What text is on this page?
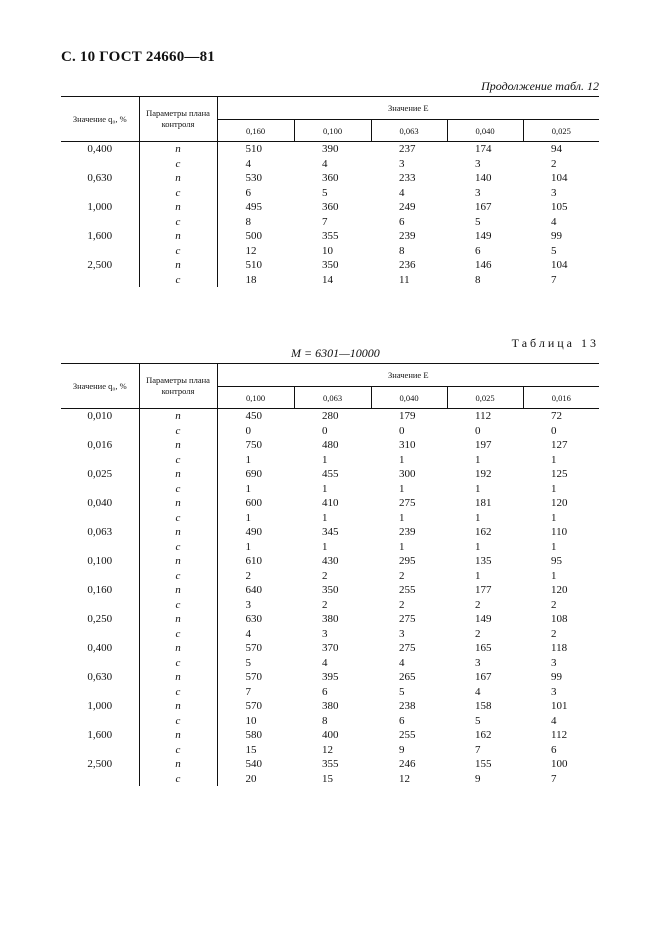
С. 10 ГОСТ 24660—81
Продолжение табл. 12
Значение q₀, %	Параметры плана контроля	Значение E				
		0,160	0,100	0,063	0,040	0,025
0,400	n	510	390	237	174	94
	c	4	4	3	3	2
0,630	n	530	360	233	140	104
	c	6	5	4	3	3
1,000	n	495	360	249	167	105
	c	8	7	6	5	4
1,600	n	500	355	239	149	99
	c	12	10	8	6	5
2,500	n	510	350	236	146	104
	c	18	14	11	8	7
Таблица 13
M = 6301—10000
Значение q₀, %	Параметры плана контроля	Значение E				
		0,100	0,063	0,040	0,025	0,016
0,010	n	450	280	179	112	72
	c	0	0	0	0	0
0,016	n	750	480	310	197	127
	c	1	1	1	1	1
0,025	n	690	455	300	192	125
	c	1	1	1	1	1
0,040	n	600	410	275	181	120
	c	1	1	1	1	1
0,063	n	490	345	239	162	110
	c	1	1	1	1	1
0,100	n	610	430	295	135	95
	c	2	2	2	1	1
0,160	n	640	350	255	177	120
	c	3	2	2	2	2
0,250	n	630	380	275	149	108
	c	4	3	3	2	2
0,400	n	570	370	275	165	118
	c	5	4	4	3	3
0,630	n	570	395	265	167	99
	c	7	6	5	4	3
1,000	n	570	380	238	158	101
	c	10	8	6	5	4
1,600	n	580	400	255	162	112
	c	15	12	9	7	6
2,500	n	540	355	246	155	100
	c	20	15	12	9	7
